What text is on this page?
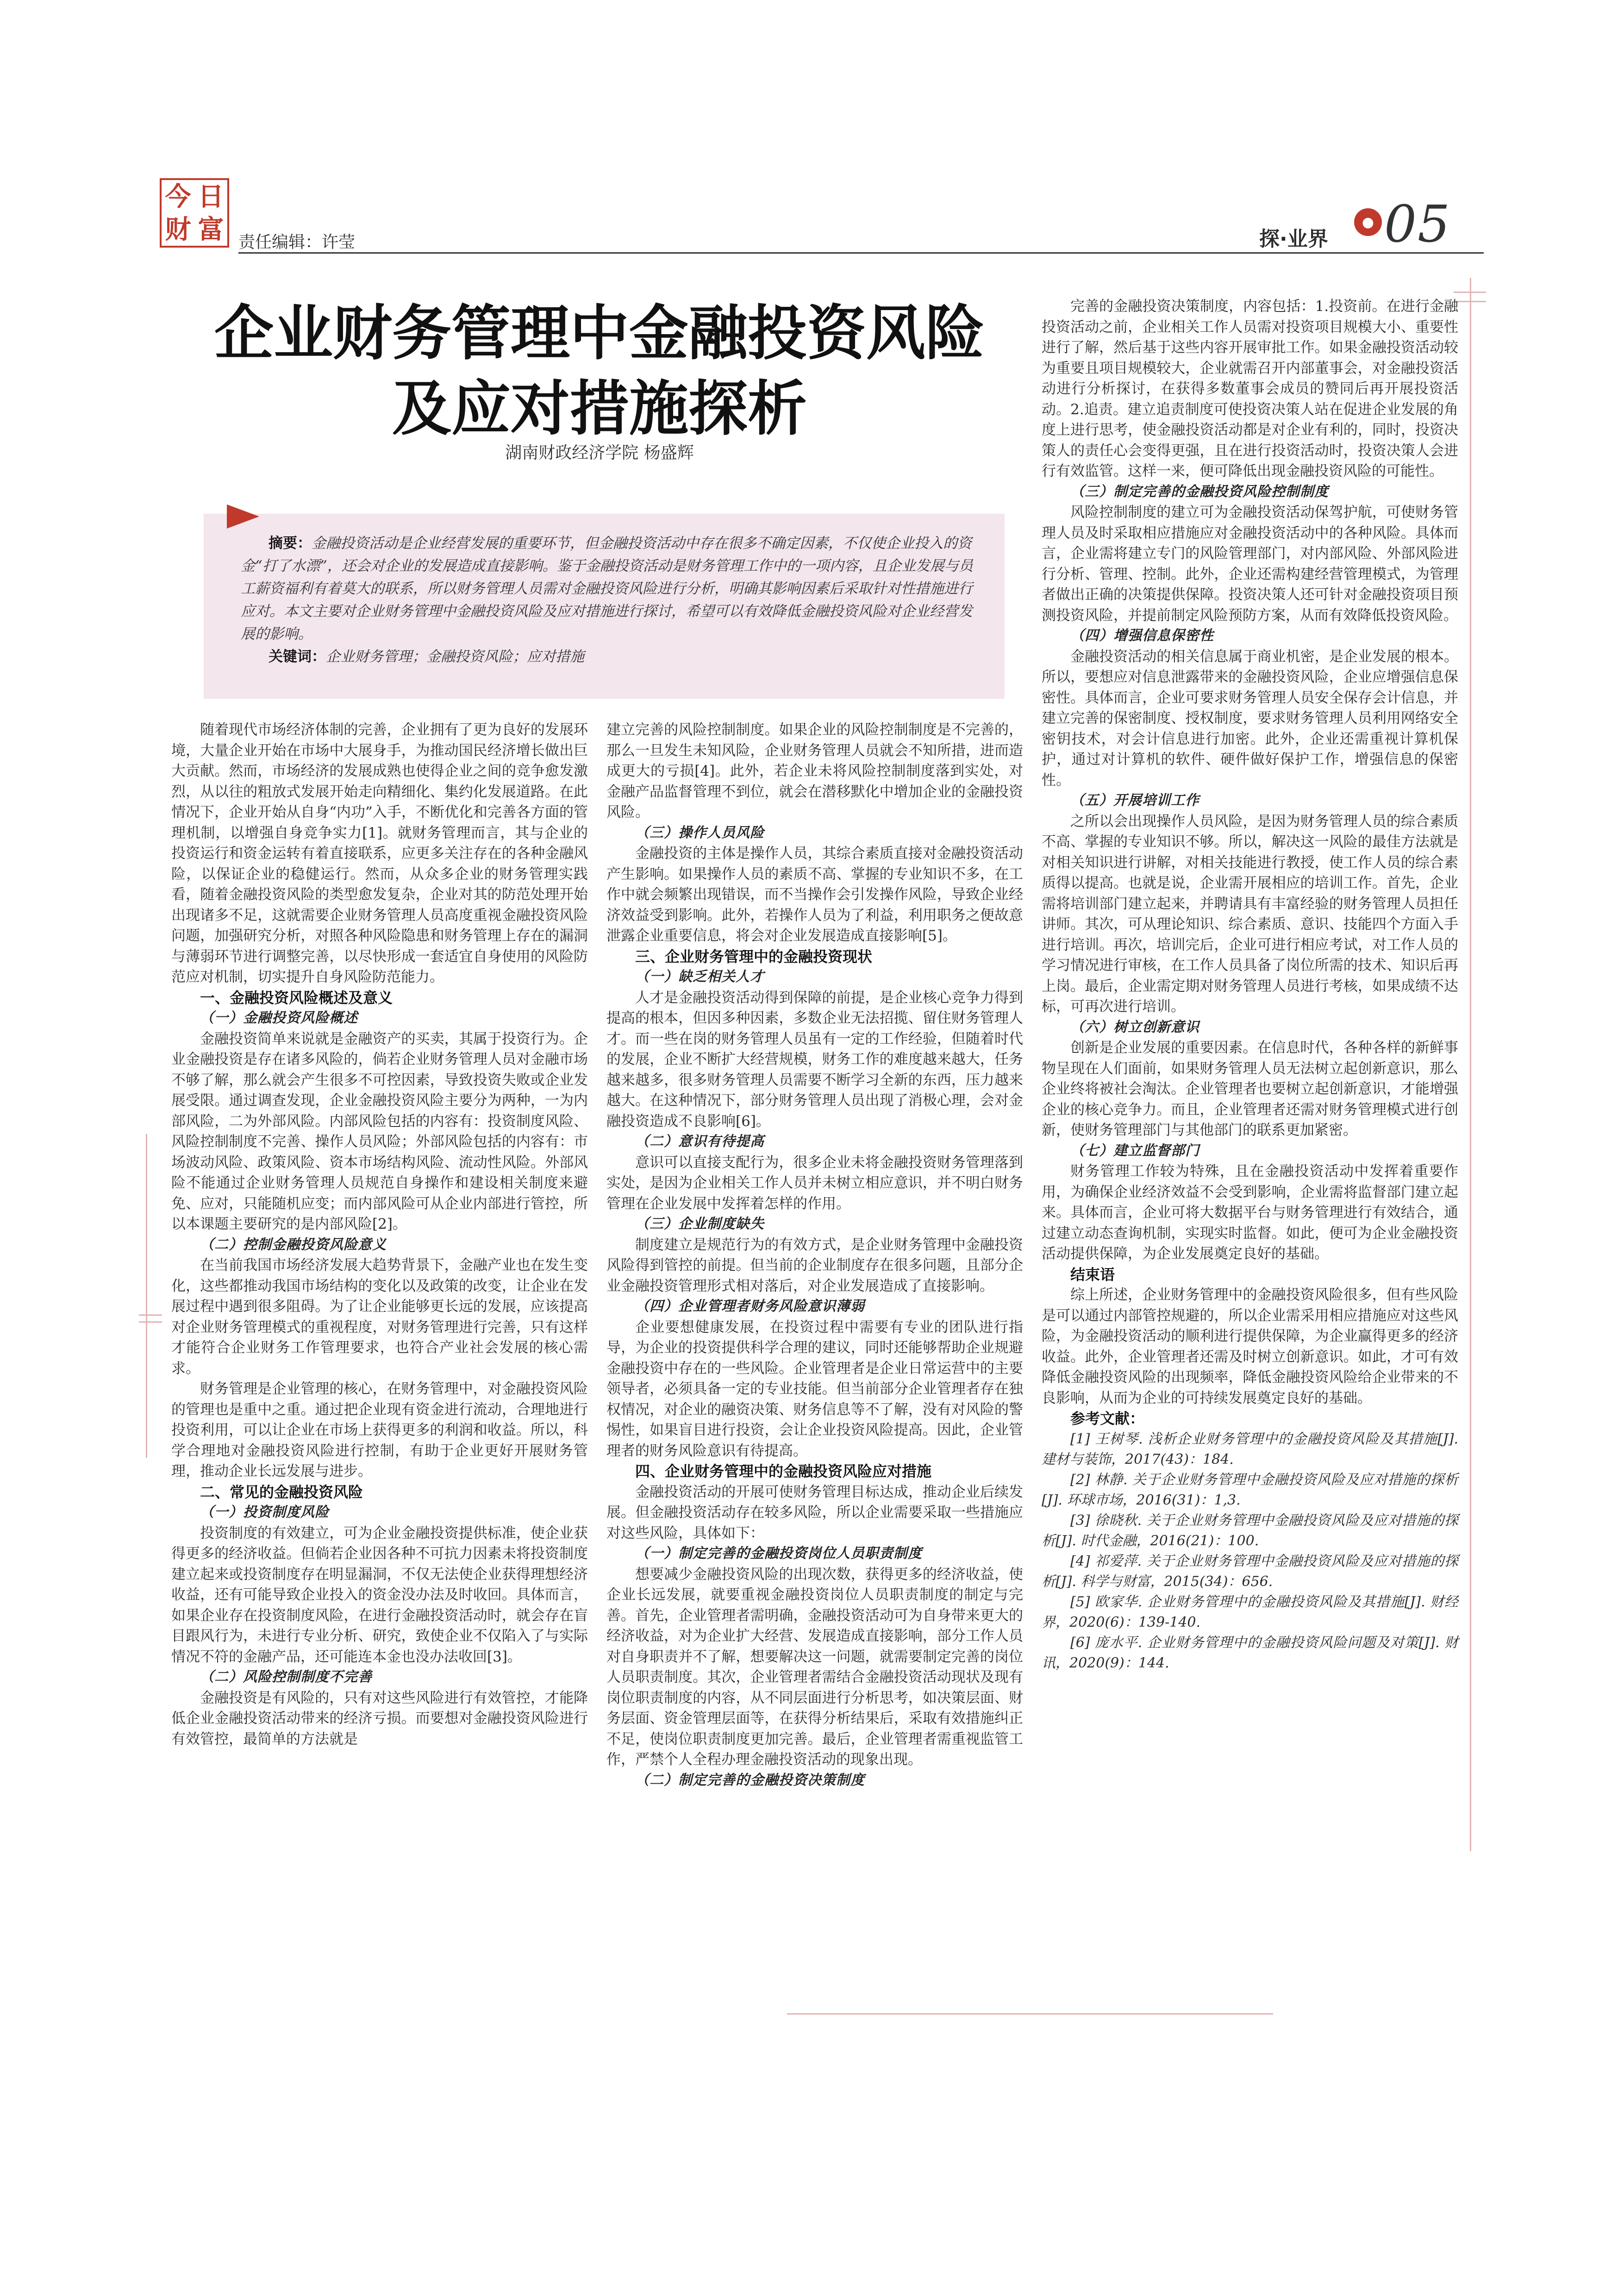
今 日
财 富 责任编辑：许莹	探·业界
● 05
企业财务管理中金融投资风险
及应对措施探析
湖南财政经济学院 杨盛辉
摘要：金融投资活动是企业经营发展的重要环节，但金融投资活动中存在很多不确定因素，不仅使企业投入的资金“打了水漂”，还会对企业的发展造成直接影响。鉴于金融投资活动是财务管理工作中的一项内容，且企业发展与员工薪资福利有着莫大的联系，所以财务管理人员需对金融投资风险进行分析，明确其影响因素后采取针对性措施进行应对。本文主要对企业财务管理中金融投资风险及应对措施进行探讨，希望可以有效降低金融投资风险对企业经营发展的影响。
关键词：企业财务管理；金融投资风险；应对措施

随着现代市场经济体制的完善，企业拥有了更为良好的发展环境，大量企业开始在市场中大展身手，为推动国民经济增长做出巨大贡献。然而，市场经济的发展成熟也使得企业之间的竞争愈发激烈，从以往的粗放式发展开始走向精细化、集约化发展道路。在此情况下，企业开始从自身“内功”入手，不断优化和完善各方面的管理机制，以增强自身竞争实力[1]。就财务管理而言，其与企业的投资运行和资金运转有着直接联系，应更多关注存在的各种金融风险，以保证企业的稳健运行。然而，从众多企业的财务管理实践看，随着金融投资风险的类型愈发复杂，企业对其的防范处理开始出现诸多不足，这就需要企业财务管理人员高度重视金融投资风险问题，加强研究分析，对照各种风险隐患和财务管理上存在的漏洞与薄弱环节进行调整完善，以尽快形成一套适宜自身使用的风险防范应对机制，切实提升自身风险防范能力。

一、金融投资风险概述及意义
（一）金融投资风险概述

金融投资简单来说就是金融资产的买卖，其属于投资行为。企业金融投资是存在诸多风险的，倘若企业财务管理人员对金融市场不够了解，那么就会产生很多不可控因素，导致投资失败或企业发展受限。通过调查发现，企业金融投资风险主要分为两种，一为内部风险，二为外部风险。内部风险包括的内容有：投资制度风险、风险控制制度不完善、操作人员风险；外部风险包括的内容有：市场波动风险、政策风险、资本市场结构风险、流动性风险。外部风险不能通过企业财务管理人员规范自身操作和建设相关制度来避免、应对，只能随机应变；而内部风险可从企业内部进行管控，所以本课题主要研究的是内部风险[2]。

（二）控制金融投资风险意义

在当前我国市场经济发展大趋势背景下，金融产业也在发生变化，这些都推动我国市场结构的变化以及政策的改变，让企业在发展过程中遇到很多阻碍。为了让企业能够更长远的发展，应该提高对企业财务管理模式的重视程度，对财务管理进行完善，只有这样才能符合企业财务工作管理要求，也符合产业社会发展的核心需求。

财务管理是企业管理的核心，在财务管理中，对金融投资风险的管理也是重中之重。通过把企业现有资金进行流动，合理地进行投资利用，可以让企业在市场上获得更多的利润和收益。所以，科学合理地对金融投资风险进行控制，有助于企业更好开展财务管理，推动企业长远发展与进步。

二、常见的金融投资风险
（一）投资制度风险

投资制度的有效建立，可为企业金融投资提供标准，使企业获得更多的经济收益。但倘若企业因各种不可抗力因素未将投资制度建立起来或投资制度存在明显漏洞，不仅无法使企业获得理想经济收益，还有可能导致企业投入的资金没办法及时收回。具体而言，如果企业存在投资制度风险，在进行金融投资活动时，就会存在盲目跟风行为，未进行专业分析、研究，致使企业不仅陷入了与实际情况不符的金融产品，还可能连本金也没办法收回[3]。

（二）风险控制制度不完善

金融投资是有风险的，只有对这些风险进行有效管控，才能降低企业金融投资活动带来的经济亏损。而要想对金融投资风险进行有效管控，最简单的方法就是

建立完善的风险控制制度。如果企业的风险控制制度是不完善的，那么一旦发生未知风险，企业财务管理人员就会不知所措，进而造成更大的亏损[4]。此外，若企业未将风险控制制度落到实处，对金融产品监督管理不到位，就会在潜移默化中增加企业的金融投资风险。

（三）操作人员风险

金融投资的主体是操作人员，其综合素质直接对金融投资活动产生影响。如果操作人员的素质不高、掌握的专业知识不多，在工作中就会频繁出现错误，而不当操作会引发操作风险，导致企业经济效益受到影响。此外，若操作人员为了利益，利用职务之便故意泄露企业重要信息，将会对企业发展造成直接影响[5]。

三、企业财务管理中的金融投资现状
（一）缺乏相关人才

人才是金融投资活动得到保障的前提，是企业核心竞争力得到提高的根本，但因多种因素，多数企业无法招揽、留住财务管理人才。而一些在岗的财务管理人员虽有一定的工作经验，但随着时代的发展，企业不断扩大经营规模，财务工作的难度越来越大，任务越来越多，很多财务管理人员需要不断学习全新的东西，压力越来越大。在这种情况下，部分财务管理人员出现了消极心理，会对金融投资造成不良影响[6]。

（二）意识有待提高

意识可以直接支配行为，很多企业未将金融投资财务管理落到实处，是因为企业相关工作人员并未树立相应意识，并不明白财务管理在企业发展中发挥着怎样的作用。

（三）企业制度缺失

制度建立是规范行为的有效方式，是企业财务管理中金融投资风险得到管控的前提。但当前的企业制度存在很多问题，且部分企业金融投资管理形式相对落后，对企业发展造成了直接影响。

（四）企业管理者财务风险意识薄弱

企业要想健康发展，在投资过程中需要有专业的团队进行指导，为企业的投资提供科学合理的建议，同时还能够帮助企业规避金融投资中存在的一些风险。企业管理者是企业日常运营中的主要领导者，必须具备一定的专业技能。但当前部分企业管理者存在独权情况，对企业的融资决策、财务信息等不了解，没有对风险的警惕性，如果盲目进行投资，会让企业投资风险提高。因此，企业管理者的财务风险意识有待提高。

四、企业财务管理中的金融投资风险应对措施

金融投资活动的开展可使财务管理目标达成，推动企业后续发展。但金融投资活动存在较多风险，所以企业需要采取一些措施应对这些风险，具体如下：

（一）制定完善的金融投资岗位人员职责制度

想要减少金融投资风险的出现次数，获得更多的经济收益，使企业长远发展，就要重视金融投资岗位人员职责制度的制定与完善。首先，企业管理者需明确，金融投资活动可为自身带来更大的经济收益，对为企业扩大经营、发展造成直接影响，部分工作人员对自身职责并不了解，想要解决这一问题，就需要制定完善的岗位人员职责制度。其次，企业管理者需结合金融投资活动现状及现有岗位职责制度的内容，从不同层面进行分析思考，如决策层面、财务层面、资金管理层面等，在获得分析结果后，采取有效措施纠正不足，使岗位职责制度更加完善。最后，企业管理者需重视监管工作，严禁个人全程办理金融投资活动的现象出现。

（二）制定完善的金融投资决策制度

完善的金融投资决策制度，内容包括：1.投资前。在进行金融投资活动之前，企业相关工作人员需对投资项目规模大小、重要性进行了解，然后基于这些内容开展审批工作。如果金融投资活动较为重要且项目规模较大，企业就需召开内部董事会，对金融投资活动进行分析探讨，在获得多数董事会成员的赞同后再开展投资活动。2.追责。建立追责制度可使投资决策人站在促进企业发展的角度上进行思考，使金融投资活动都是对企业有利的，同时，投资决策人的责任心会变得更强，且在进行投资活动时，投资决策人会进行有效监管。这样一来，便可降低出现金融投资风险的可能性。

（三）制定完善的金融投资风险控制制度

风险控制制度的建立可为金融投资活动保驾护航，可使财务管理人员及时采取相应措施应对金融投资活动中的各种风险。具体而言，企业需将建立专门的风险管理部门，对内部风险、外部风险进行分析、管理、控制。此外，企业还需构建经营管理模式，为管理者做出正确的决策提供保障。投资决策人还可针对金融投资项目预测投资风险，并提前制定风险预防方案，从而有效降低投资风险。

（四）增强信息保密性

金融投资活动的相关信息属于商业机密，是企业发展的根本。所以，要想应对信息泄露带来的金融投资风险，企业应增强信息保密性。具体而言，企业可要求财务管理人员安全保存会计信息，并建立完善的保密制度、授权制度，要求财务管理人员利用网络安全密钥技术，对会计信息进行加密。此外，企业还需重视计算机保护，通过对计算机的软件、硬件做好保护工作，增强信息的保密性。

（五）开展培训工作

之所以会出现操作人员风险，是因为财务管理人员的综合素质不高、掌握的专业知识不够。所以，解决这一风险的最佳方法就是对相关知识进行讲解，对相关技能进行教授，使工作人员的综合素质得以提高。也就是说，企业需开展相应的培训工作。首先，企业需将培训部门建立起来，并聘请具有丰富经验的财务管理人员担任讲师。其次，可从理论知识、综合素质、意识、技能四个方面入手进行培训。再次，培训完后，企业可进行相应考试，对工作人员的学习情况进行审核，在工作人员具备了岗位所需的技术、知识后再上岗。最后，企业需定期对财务管理人员进行考核，如果成绩不达标，可再次进行培训。

（六）树立创新意识

创新是企业发展的重要因素。在信息时代，各种各样的新鲜事物呈现在人们面前，如果财务管理人员无法树立起创新意识，那么企业终将被社会淘汰。企业管理者也要树立起创新意识，才能增强企业的核心竞争力。而且，企业管理者还需对财务管理模式进行创新，使财务管理部门与其他部门的联系更加紧密。

（七）建立监督部门

财务管理工作较为特殊，且在金融投资活动中发挥着重要作用，为确保企业经济效益不会受到影响，企业需将监督部门建立起来。具体而言，企业可将大数据平台与财务管理进行有效结合，通过建立动态查询机制，实现实时监督。如此，便可为企业金融投资活动提供保障，为企业发展奠定良好的基础。

结束语

综上所述，企业财务管理中的金融投资风险很多，但有些风险是可以通过内部管控规避的，所以企业需采用相应措施应对这些风险，为金融投资活动的顺利进行提供保障，为企业赢得更多的经济收益。此外，企业管理者还需及时树立创新意识。如此，才可有效降低金融投资风险的出现频率，降低金融投资风险给企业带来的不良影响，从而为企业的可持续发展奠定良好的基础。

参考文献：

[1] 王树琴. 浅析企业财务管理中的金融投资风险及其措施[J]. 建材与装饰，2017(43)：184.

[2] 林静. 关于企业财务管理中金融投资风险及应对措施的探析[J]. 环球市场，2016(31)：1,3.

[3] 徐晓秋. 关于企业财务管理中金融投资风险及应对措施的探析[J]. 时代金融，2016(21)：100.

[4] 祁爱萍. 关于企业财务管理中金融投资风险及应对措施的探析[J]. 科学与财富，2015(34)：656.

[5] 欧家华. 企业财务管理中的金融投资风险及其措施[J]. 财经界，2020(6)：139-140.

[6] 庞水平. 企业财务管理中的金融投资风险问题及对策[J]. 财讯，2020(9)：144.
